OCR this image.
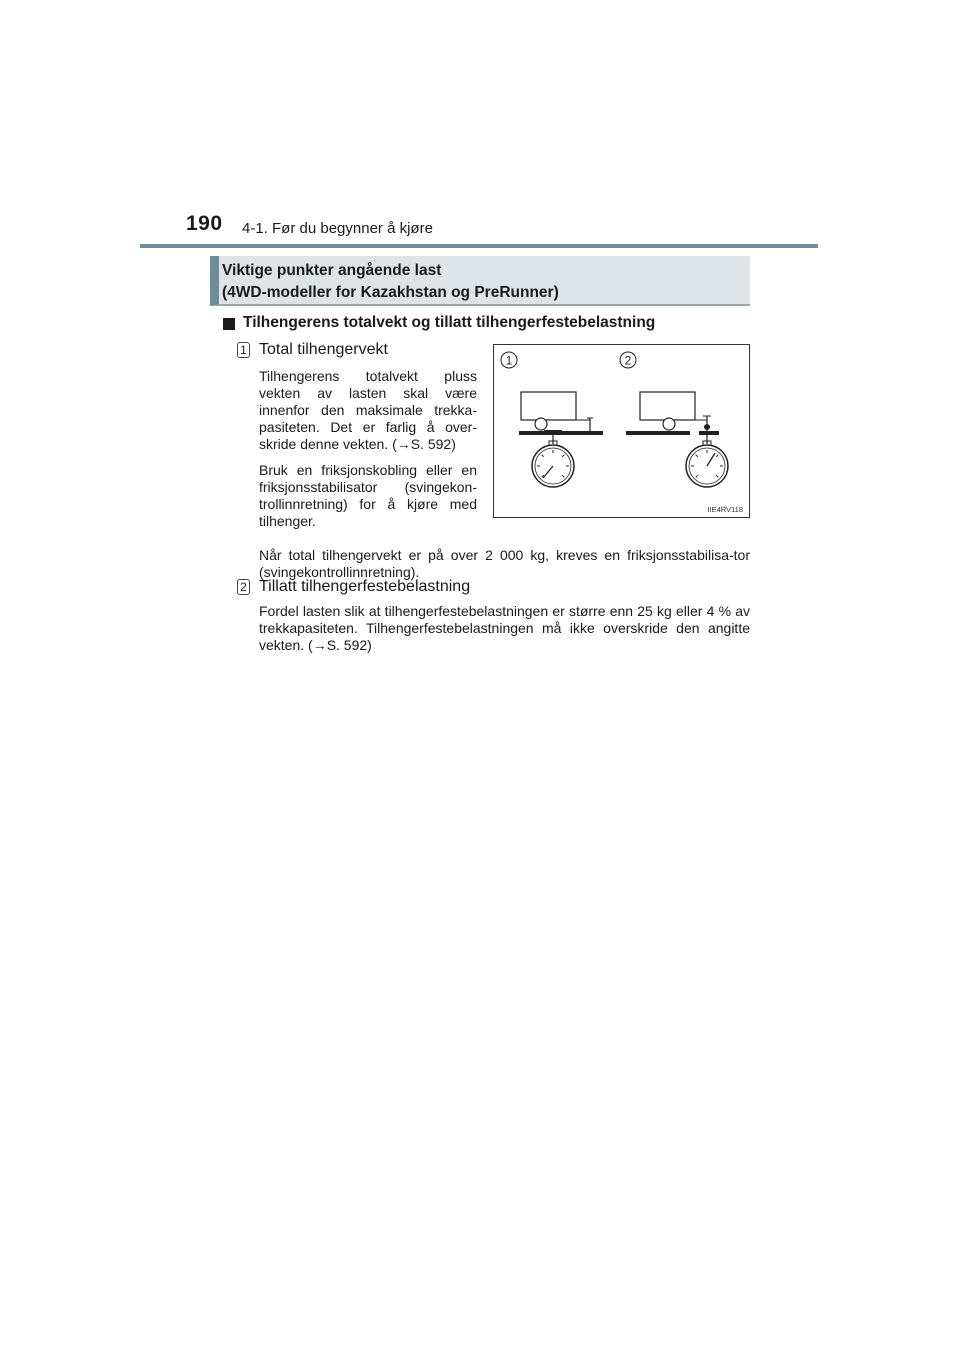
190 4-1. Før du begynner å kjøre
Viktige punkter angående last
(4WD-modeller for Kazakhstan og PreRunner)
Tilhengerens totalvekt og tillatt tilhengerfestebelastning
1 Total tilhengervekt
Tilhengerens totalvekt pluss vekten av lasten skal være innenfor den maksimale trekka-pasiteten. Det er farlig å over-skride denne vekten. (→S. 592)
Bruk en friksjonskobling eller en friksjonsstabilisator (svingekon-trollinnretning) for å kjøre med tilhenger.
Når total tilhengervekt er på over 2 000 kg, kreves en friksjonsstabilisa-tor (svingekontrollinnretning).
1	2
IIE4RV118
2 Tillatt tilhengerfestebelastning
Fordel lasten slik at tilhengerfestebelastningen er større enn 25 kg eller 4 % av trekkapasiteten. Tilhengerfestebelastningen må ikke overskride den angitte vekten. (→S. 592)
